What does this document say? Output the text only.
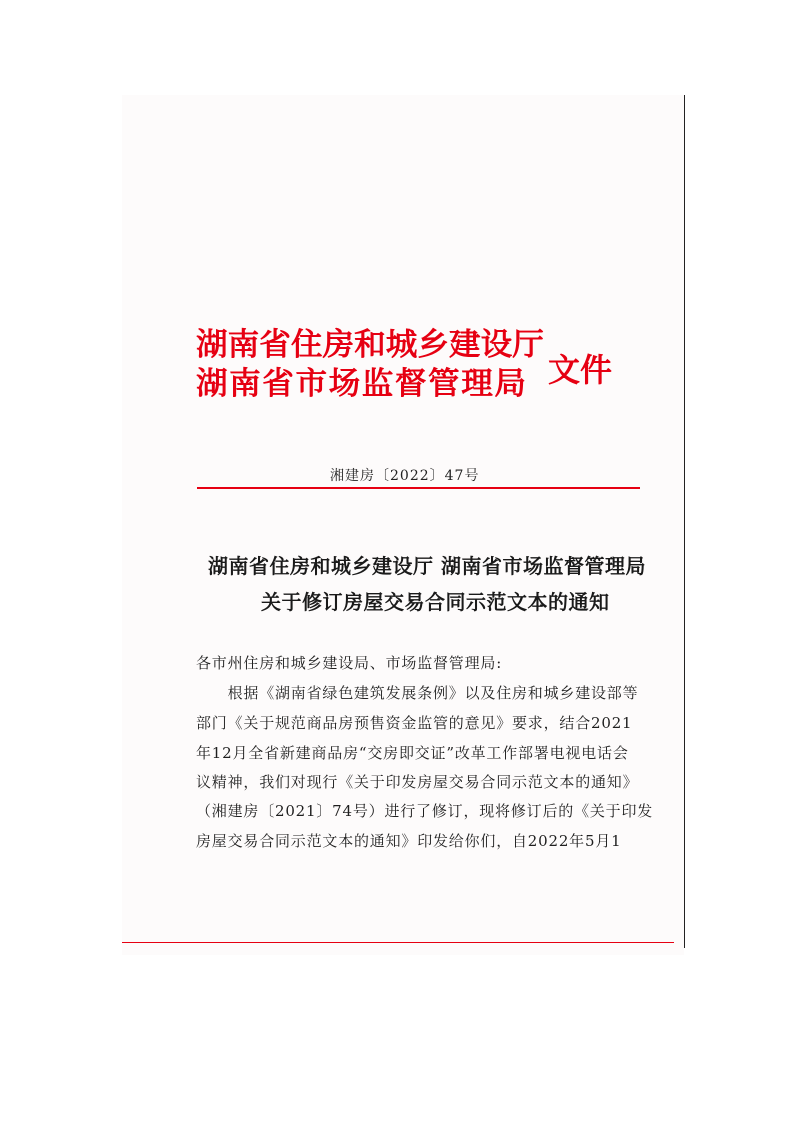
湖南省住房和城乡建设厅
湖南省市场监督管理局 文件
湘建房〔2022〕47号
湖南省住房和城乡建设厅 湖南省市场监督管理局
关于修订房屋交易合同示范文本的通知
各市州住房和城乡建设局、市场监督管理局:
　　根据《湖南省绿色建筑发展条例》以及住房和城乡建设部等
部门《关于规范商品房预售资金监管的意见》要求，结合2021
年12月全省新建商品房“交房即交证”改革工作部署电视电话会
议精神，我们对现行《关于印发房屋交易合同示范文本的通知》
（湘建房〔2021〕74号）进行了修订，现将修订后的《关于印发
房屋交易合同示范文本的通知》印发给你们，自2022年5月1
